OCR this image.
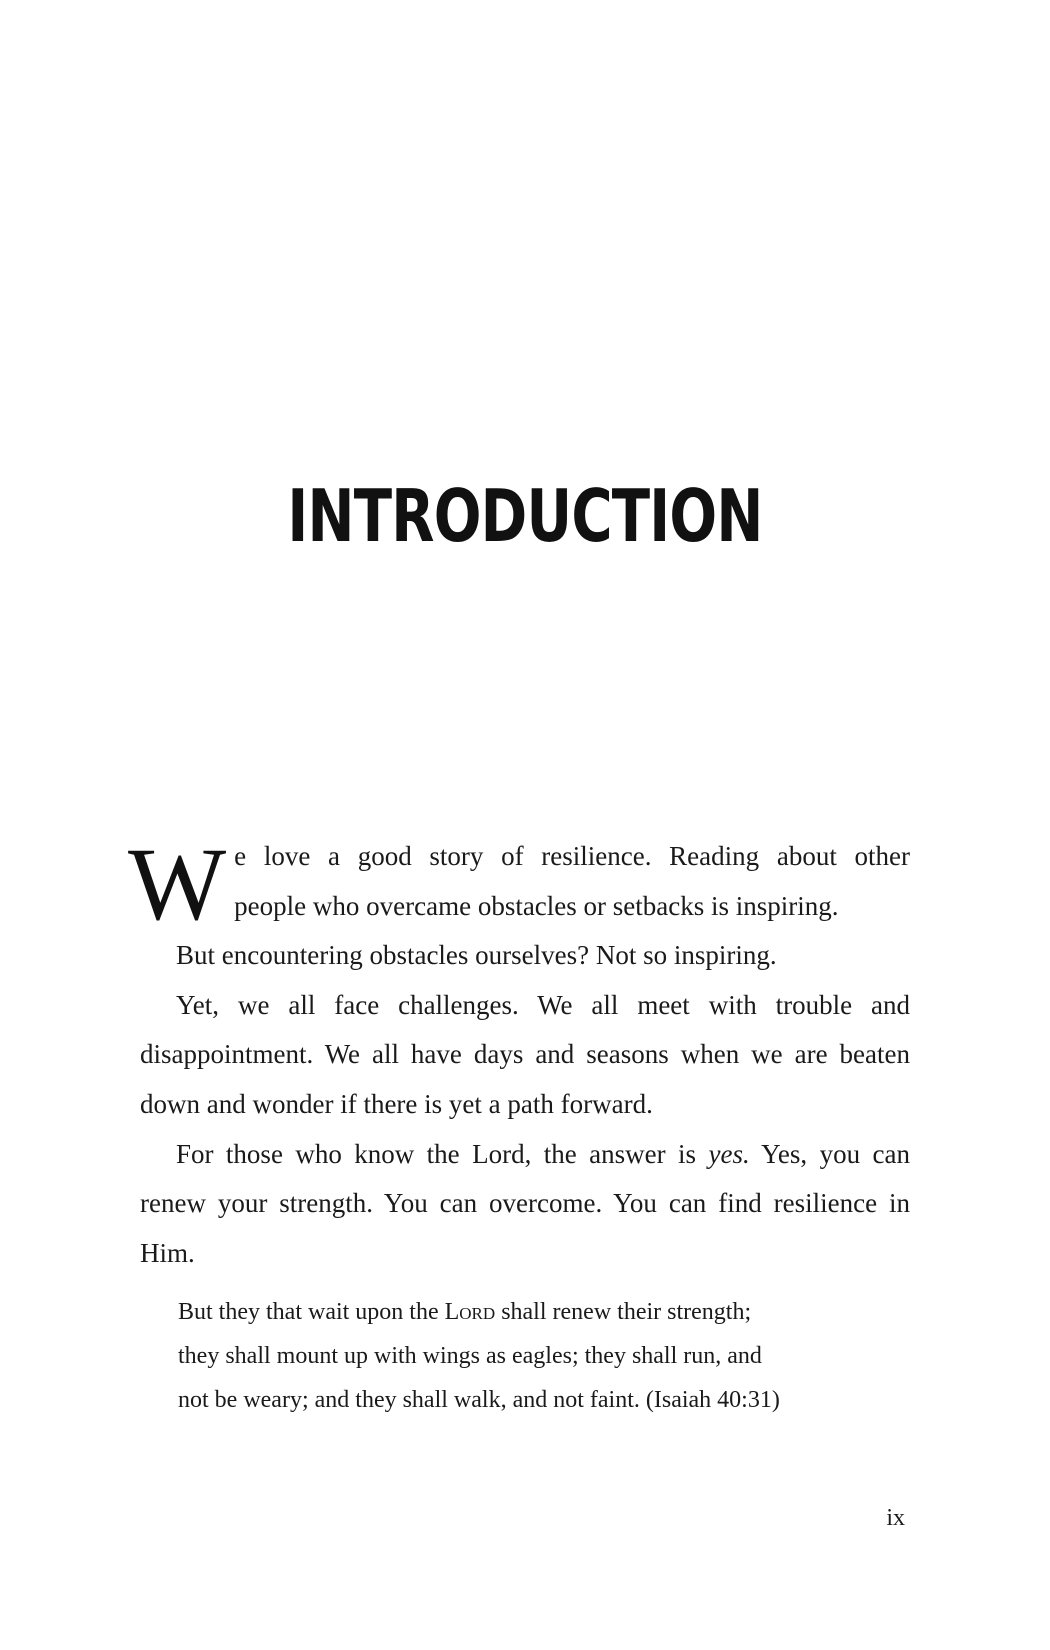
INTRODUCTION

W e love a good story of resilience. Reading about other
people who overcame obstacles or setbacks is inspiring.
But encountering obstacles ourselves? Not so inspiring.

Yet, we all face challenges. We all meet with trouble and disappointment. We all have days and seasons when we are beaten down and wonder if there is yet a path forward.

For those who know the Lord, the answer is yes. Yes, you can renew your strength. You can overcome. You can find resilience in Him.

But they that wait upon the Lord shall renew their strength;

they shall mount up with wings as eagles; they shall run, and

not be weary; and they shall walk, and not faint. (Isaiah 40:31)

ix
